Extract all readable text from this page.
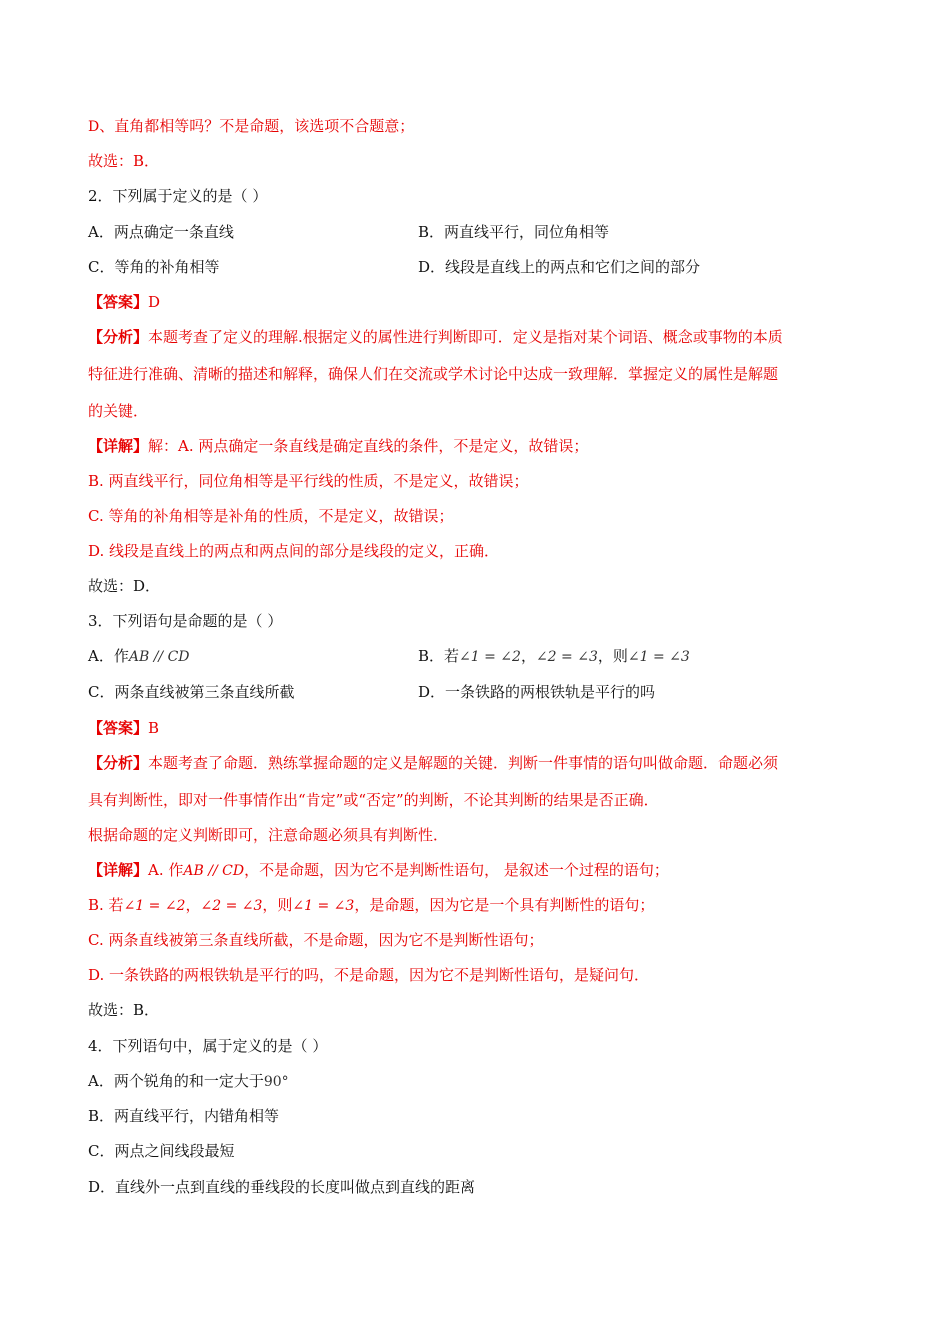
D、直角都相等吗？不是命题，该选项不合题意；
故选：B．
2．下列属于定义的是（ ）
A．两点确定一条直线	B．两直线平行，同位角相等
C．等角的补角相等	D．线段是直线上的两点和它们之间的部分
【答案】D
【分析】本题考查了定义的理解.根据定义的属性进行判断即可．定义是指对某个词语、概念或事物的本质
特征进行准确、清晰的描述和解释，确保人们在交流或学术讨论中达成一致理解．掌握定义的属性是解题
的关键．
【详解】解：A. 两点确定一条直线是确定直线的条件，不是定义，故错误；
B. 两直线平行，同位角相等是平行线的性质，不是定义，故错误；
C. 等角的补角相等是补角的性质，不是定义，故错误；
D. 线段是直线上的两点和两点间的部分是线段的定义，正确．
故选：D．
3．下列语句是命题的是（ ）
A．作AB // CD	B．若∠1 = ∠2，∠2 = ∠3，则∠1 = ∠3
C．两条直线被第三条直线所截	D．一条铁路的两根铁轨是平行的吗
【答案】B
【分析】本题考查了命题．熟练掌握命题的定义是解题的关键．判断一件事情的语句叫做命题．命题必须
具有判断性，即对一件事情作出“肯定”或“否定”的判断，不论其判断的结果是否正确．
根据命题的定义判断即可，注意命题必须具有判断性．
【详解】A. 作AB // CD，不是命题，因为它不是判断性语句， 是叙述一个过程的语句；
B. 若∠1 = ∠2，∠2 = ∠3，则∠1 = ∠3，是命题，因为它是一个具有判断性的语句；
C. 两条直线被第三条直线所截，不是命题，因为它不是判断性语句；
D. 一条铁路的两根铁轨是平行的吗，不是命题，因为它不是判断性语句，是疑问句．
故选：B．
4．下列语句中，属于定义的是（ ）
A．两个锐角的和一定大于90°
B．两直线平行，内错角相等
C．两点之间线段最短
D．直线外一点到直线的垂线段的长度叫做点到直线的距离
